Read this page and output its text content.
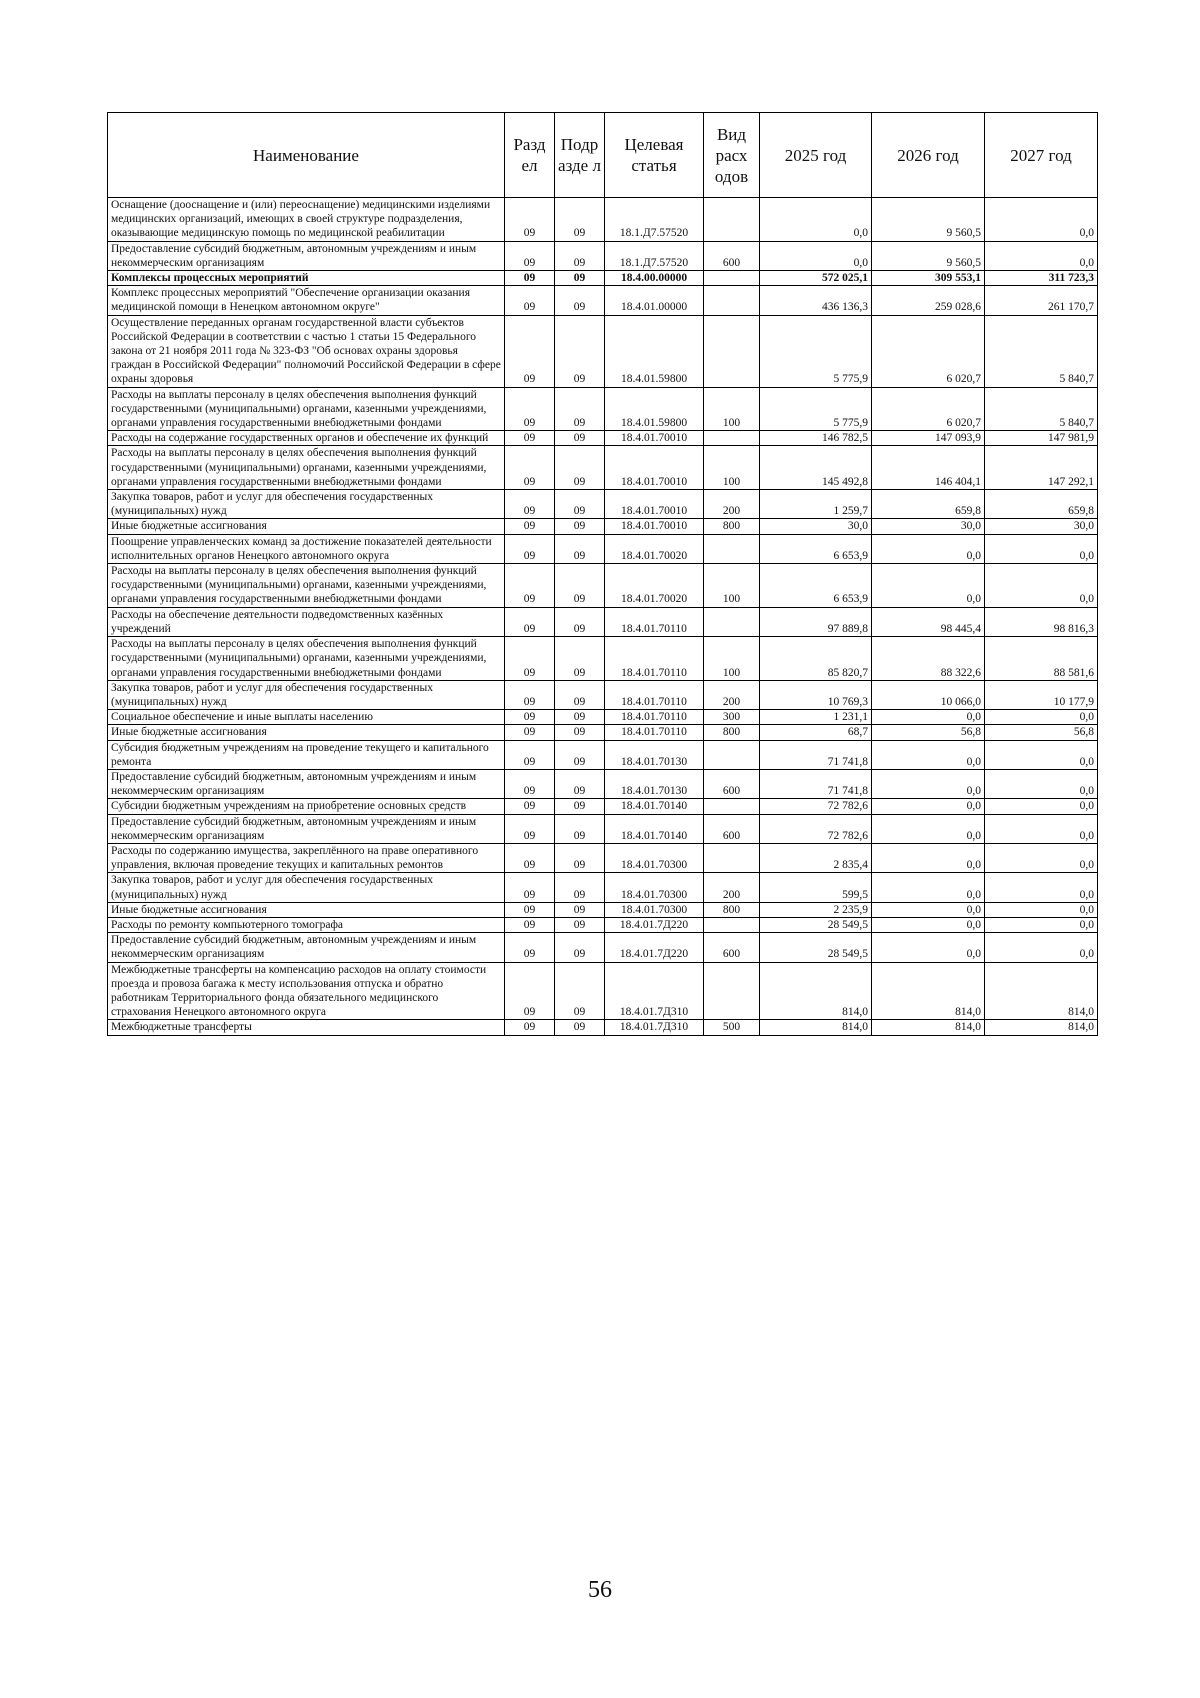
Наименование	Разд ел	Подр азде л	Целевая статья	Вид расх одов	2025 год	2026 год	2027 год
Оснащение (дооснащение и (или) переоснащение) медицинскими изделиями медицинских организаций, имеющих в своей структуре подразделения, оказывающие медицинскую помощь по медицинской реабилитации	09	09	18.1.Д7.57520		0,0	9 560,5	0,0
Предоставление субсидий бюджетным, автономным учреждениям и иным некоммерческим организациям	09	09	18.1.Д7.57520	600	0,0	9 560,5	0,0
Комплексы процессных мероприятий	09	09	18.4.00.00000		572 025,1	309 553,1	311 723,3
Комплекс процессных мероприятий "Обеспечение организации оказания медицинской помощи в Ненецком автономном округе"	09	09	18.4.01.00000		436 136,3	259 028,6	261 170,7
Осуществление переданных органам государственной власти субъектов Российской Федерации в соответствии с частью 1 статьи 15 Федерального закона от 21 ноября 2011 года № 323-ФЗ "Об основах охраны здоровья граждан в Российской Федерации" полномочий Российской Федерации в сфере охраны здоровья	09	09	18.4.01.59800		5 775,9	6 020,7	5 840,7
Расходы на выплаты персоналу в целях обеспечения выполнения функций государственными (муниципальными) органами, казенными учреждениями, органами управления государственными внебюджетными фондами	09	09	18.4.01.59800	100	5 775,9	6 020,7	5 840,7
Расходы на содержание государственных органов и обеспечение их функций	09	09	18.4.01.70010		146 782,5	147 093,9	147 981,9
Расходы на выплаты персоналу в целях обеспечения выполнения функций государственными (муниципальными) органами, казенными учреждениями, органами управления государственными внебюджетными фондами	09	09	18.4.01.70010	100	145 492,8	146 404,1	147 292,1
Закупка товаров, работ и услуг для обеспечения государственных (муниципальных) нужд	09	09	18.4.01.70010	200	1 259,7	659,8	659,8
Иные бюджетные ассигнования	09	09	18.4.01.70010	800	30,0	30,0	30,0
Поощрение управленческих команд за достижение показателей деятельности исполнительных органов Ненецкого автономного округа	09	09	18.4.01.70020		6 653,9	0,0	0,0
Расходы на выплаты персоналу в целях обеспечения выполнения функций государственными (муниципальными) органами, казенными учреждениями, органами управления государственными внебюджетными фондами	09	09	18.4.01.70020	100	6 653,9	0,0	0,0
Расходы на обеспечение деятельности подведомственных казённых учреждений	09	09	18.4.01.70110		97 889,8	98 445,4	98 816,3
Расходы на выплаты персоналу в целях обеспечения выполнения функций государственными (муниципальными) органами, казенными учреждениями, органами управления государственными внебюджетными фондами	09	09	18.4.01.70110	100	85 820,7	88 322,6	88 581,6
Закупка товаров, работ и услуг для обеспечения государственных (муниципальных) нужд	09	09	18.4.01.70110	200	10 769,3	10 066,0	10 177,9
Социальное обеспечение и иные выплаты населению	09	09	18.4.01.70110	300	1 231,1	0,0	0,0
Иные бюджетные ассигнования	09	09	18.4.01.70110	800	68,7	56,8	56,8
Субсидия бюджетным учреждениям на проведение текущего и капитального ремонта	09	09	18.4.01.70130		71 741,8	0,0	0,0
Предоставление субсидий бюджетным, автономным учреждениям и иным некоммерческим организациям	09	09	18.4.01.70130	600	71 741,8	0,0	0,0
Субсидии бюджетным учреждениям на приобретение основных средств	09	09	18.4.01.70140		72 782,6	0,0	0,0
Предоставление субсидий бюджетным, автономным учреждениям и иным некоммерческим организациям	09	09	18.4.01.70140	600	72 782,6	0,0	0,0
Расходы по содержанию имущества, закреплённого на праве оперативного управления, включая проведение текущих и капитальных ремонтов	09	09	18.4.01.70300		2 835,4	0,0	0,0
Закупка товаров, работ и услуг для обеспечения государственных (муниципальных) нужд	09	09	18.4.01.70300	200	599,5	0,0	0,0
Иные бюджетные ассигнования	09	09	18.4.01.70300	800	2 235,9	0,0	0,0
Расходы по ремонту компьютерного томографа	09	09	18.4.01.7Д220		28 549,5	0,0	0,0
Предоставление субсидий бюджетным, автономным учреждениям и иным некоммерческим организациям	09	09	18.4.01.7Д220	600	28 549,5	0,0	0,0
Межбюджетные трансферты на компенсацию расходов на оплату стоимости проезда и провоза багажа к месту использования отпуска и обратно работникам Территориального фонда обязательного медицинского страхования Ненецкого автономного округа	09	09	18.4.01.7Д310		814,0	814,0	814,0
Межбюджетные трансферты	09	09	18.4.01.7Д310	500	814,0	814,0	814,0
56
